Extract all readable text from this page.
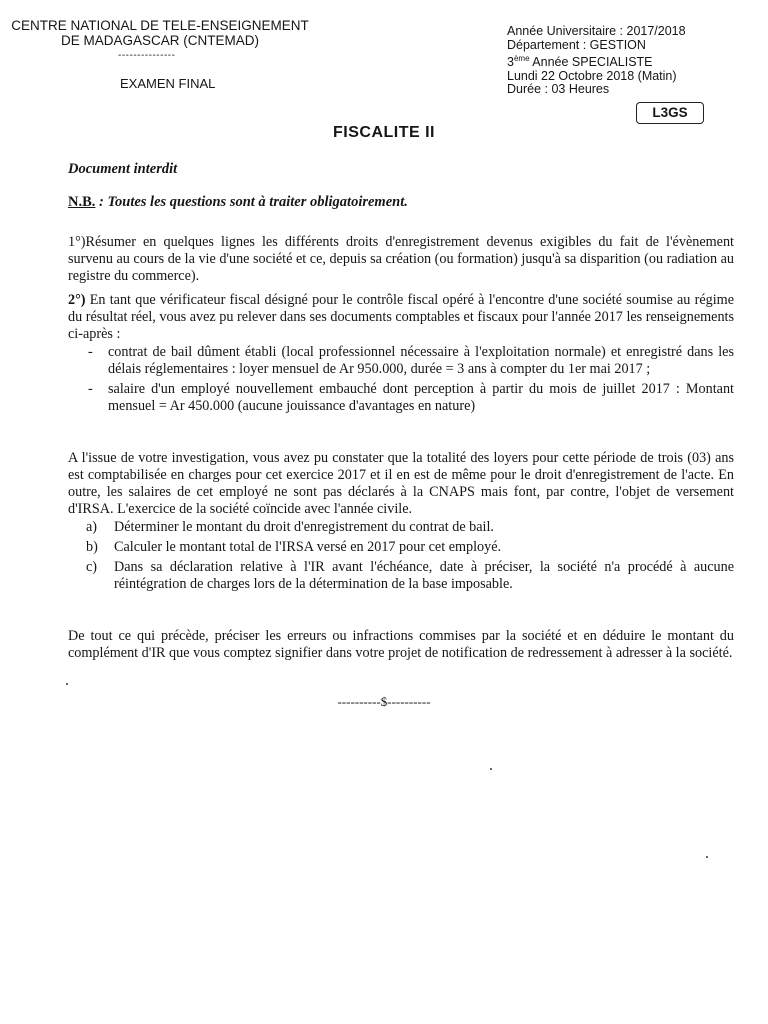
CENTRE NATIONAL DE TELE-ENSEIGNEMENT
DE MADAGASCAR (CNTEMAD)
---------------
EXAMEN FINAL
Année Universitaire : 2017/2018
Département : GESTION
3ème Année SPECIALISTE
Lundi 22 Octobre 2018 (Matin)
Durée : 03 Heures
L3GS
FISCALITE II
Document interdit
N.B. : Toutes les questions sont à traiter obligatoirement.
1°)Résumer en quelques lignes les différents droits d'enregistrement devenus exigibles du fait de l'évènement survenu au cours de la vie d'une société et ce, depuis sa création (ou formation) jusqu'à sa disparition (ou radiation au registre du commerce).
2°) En tant que vérificateur fiscal désigné pour le contrôle fiscal opéré à l'encontre d'une société soumise au régime du résultat réel, vous avez pu relever dans ses documents comptables et fiscaux pour l'année 2017 les renseignements ci-après :
- contrat de bail dûment établi (local professionnel nécessaire à l'exploitation normale) et enregistré dans les délais réglementaires : loyer mensuel de Ar 950.000, durée = 3 ans à compter du 1er mai 2017 ;
- salaire d'un employé nouvellement embauché dont perception à partir du mois de juillet 2017 : Montant mensuel = Ar 450.000 (aucune jouissance d'avantages en nature)
A l'issue de votre investigation, vous avez pu constater que la totalité des loyers pour cette période de trois (03) ans est comptabilisée en charges pour cet exercice 2017 et il en est de même pour le droit d'enregistrement de l'acte. En outre, les salaires de cet employé ne sont pas déclarés à la CNAPS mais font, par contre, l'objet de versement d'IRSA. L'exercice de la société coïncide avec l'année civile.
a) Déterminer le montant du droit d'enregistrement du contrat de bail.
b) Calculer le montant total de l'IRSA versé en 2017 pour cet employé.
c) Dans sa déclaration relative à l'IR avant l'échéance, date à préciser, la société n'a procédé à aucune réintégration de charges lors de la détermination de la base imposable.
De tout ce qui précède, préciser les erreurs ou infractions commises par la société et en déduire le montant du complément d'IR que vous comptez signifier dans votre projet de notification de redressement à adresser à la société.
----------$----------
